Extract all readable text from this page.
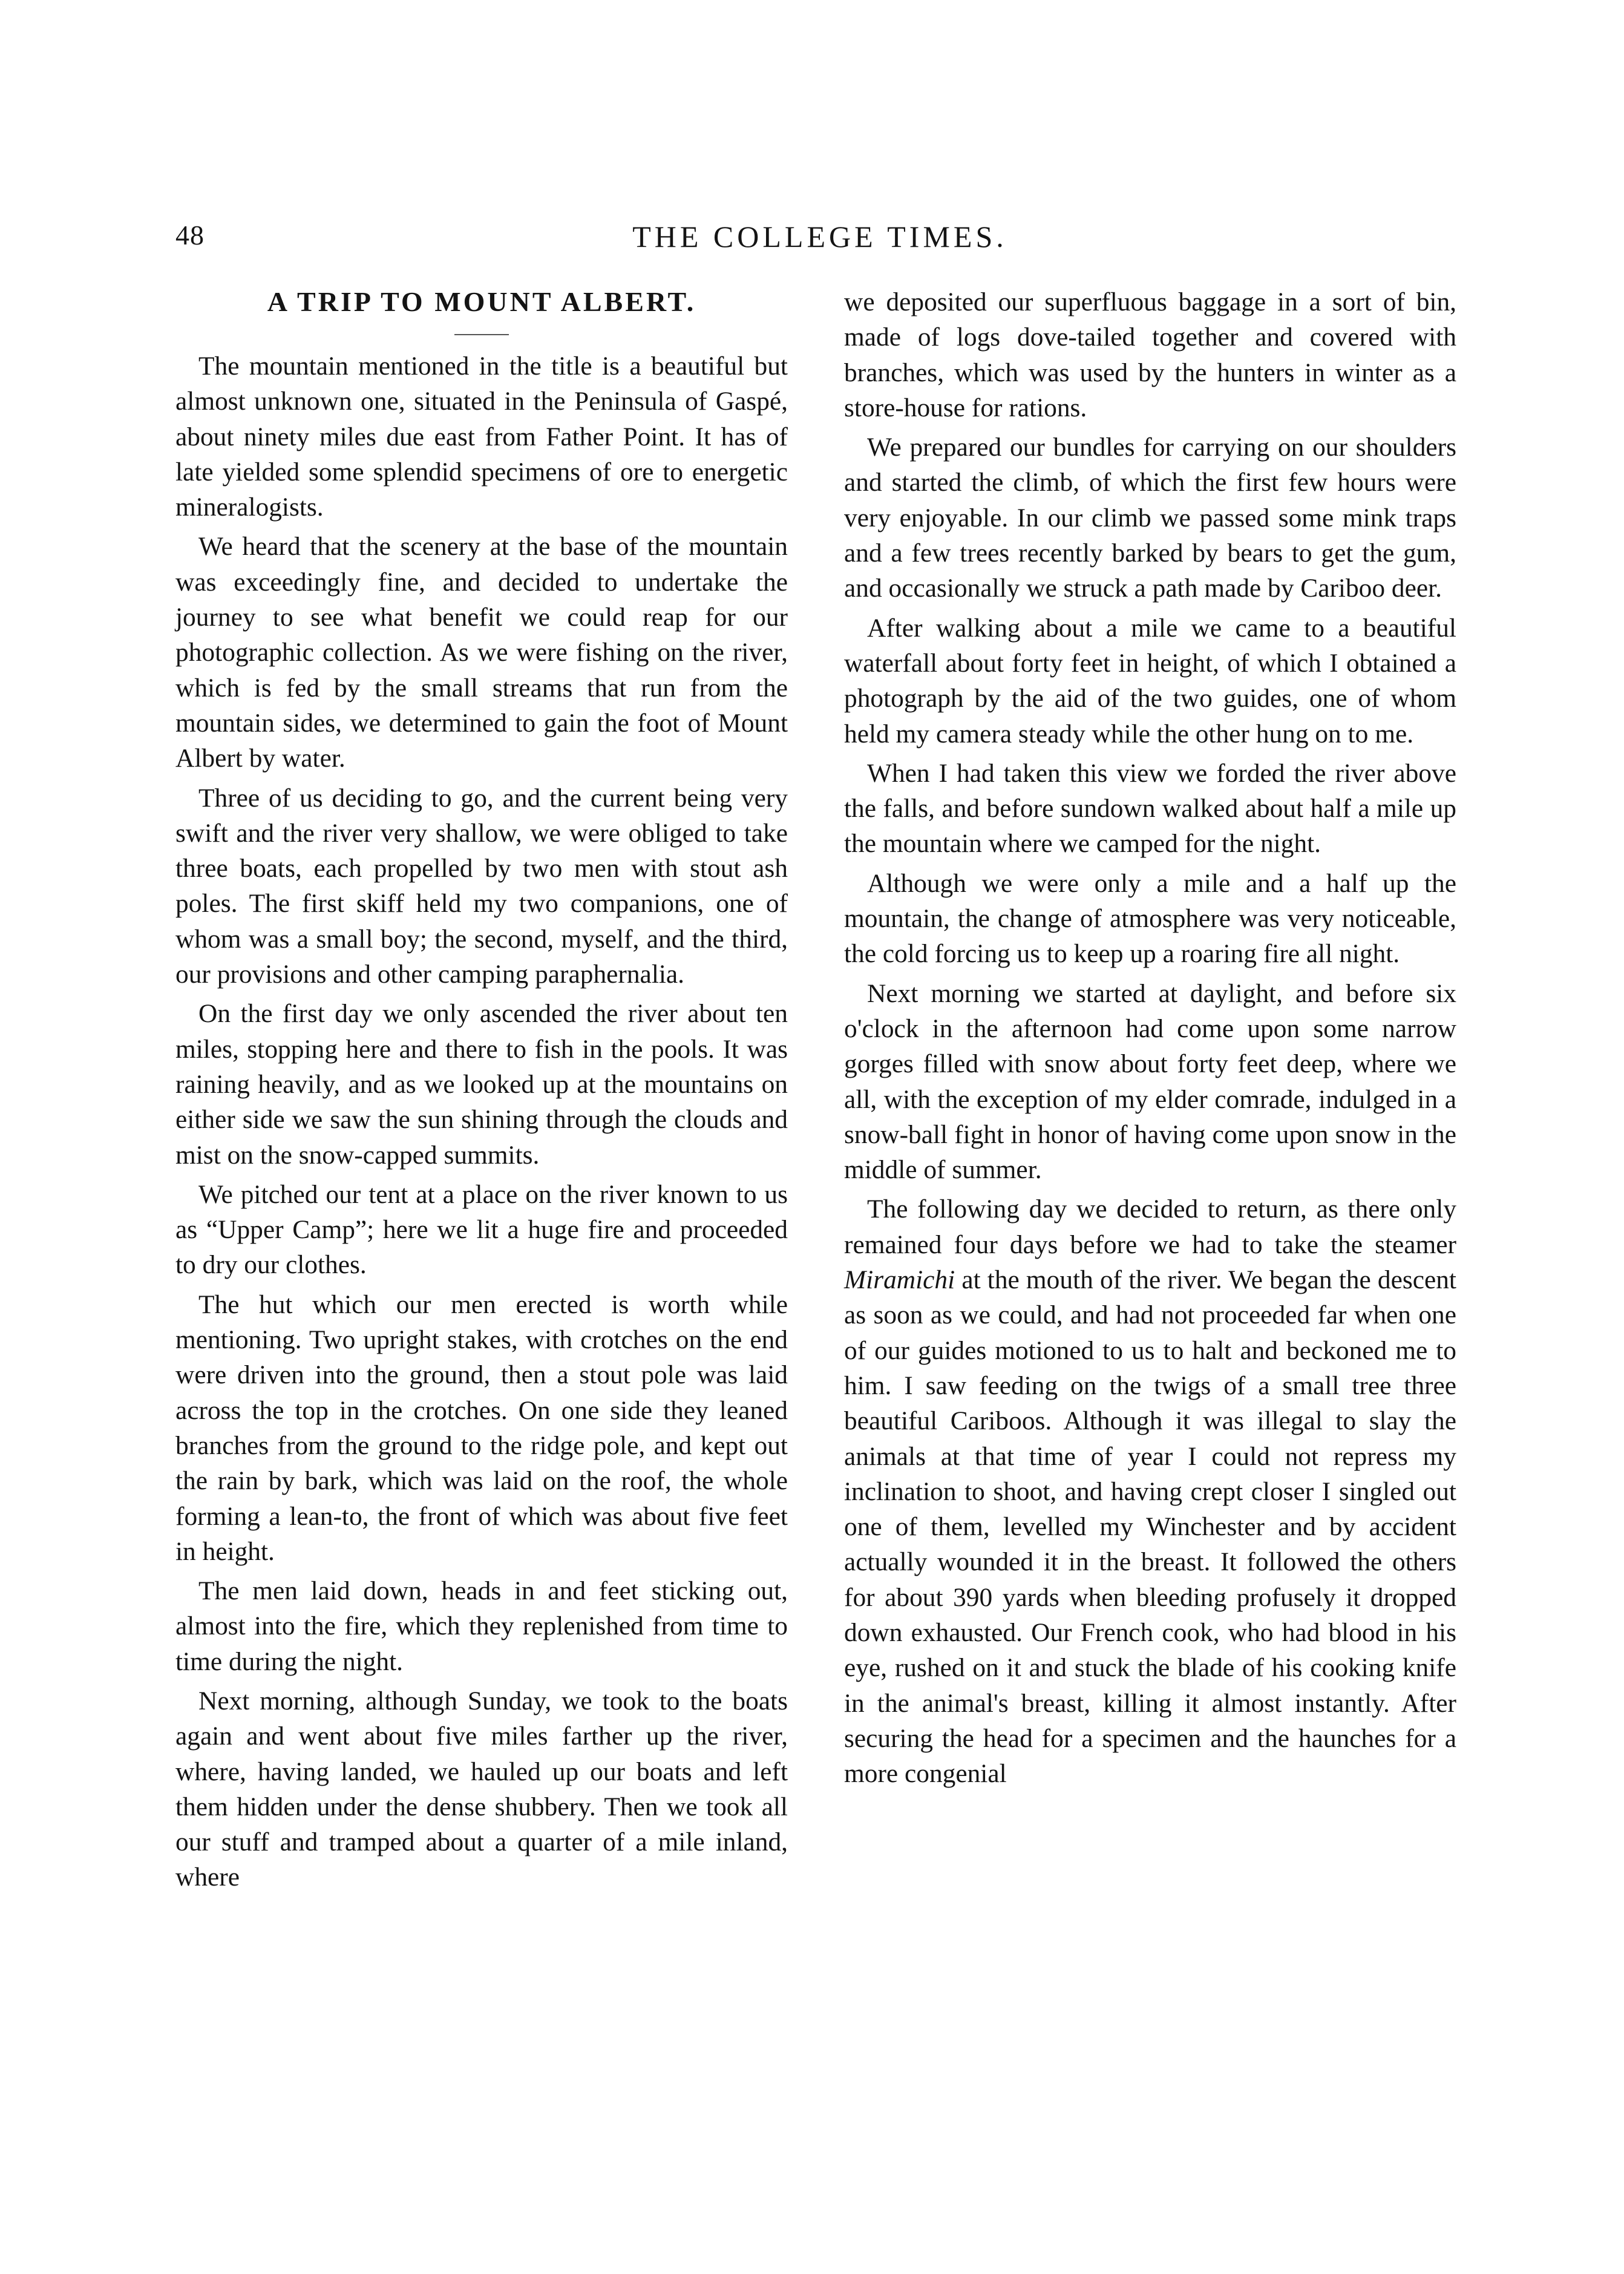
48	THE COLLEGE TIMES.
A TRIP TO MOUNT ALBERT.

The mountain mentioned in the title is a beautiful but almost unknown one, situated in the Peninsula of Gaspé, about ninety miles due east from Father Point. It has of late yielded some splendid specimens of ore to energetic mineralogists.

We heard that the scenery at the base of the mountain was exceedingly fine, and decided to undertake the journey to see what benefit we could reap for our photographic collection. As we were fishing on the river, which is fed by the small streams that run from the mountain sides, we determined to gain the foot of Mount Albert by water.

Three of us deciding to go, and the current being very swift and the river very shallow, we were obliged to take three boats, each propelled by two men with stout ash poles. The first skiff held my two companions, one of whom was a small boy; the second, myself, and the third, our provisions and other camping paraphernalia.

On the first day we only ascended the river about ten miles, stopping here and there to fish in the pools. It was raining heavily, and as we looked up at the mountains on either side we saw the sun shining through the clouds and mist on the snow-capped summits.

We pitched our tent at a place on the river known to us as “Upper Camp”; here we lit a huge fire and proceeded to dry our clothes.

The hut which our men erected is worth while mentioning. Two upright stakes, with crotches on the end were driven into the ground, then a stout pole was laid across the top in the crotches. On one side they leaned branches from the ground to the ridge pole, and kept out the rain by bark, which was laid on the roof, the whole forming a lean-to, the front of which was about five feet in height.

The men laid down, heads in and feet sticking out, almost into the fire, which they replenished from time to time during the night.

Next morning, although Sunday, we took to the boats again and went about five miles farther up the river, where, having landed, we hauled up our boats and left them hidden under the dense shubbery. Then we took all our stuff and tramped about a quarter of a mile inland, where

we deposited our superfluous baggage in a sort of bin, made of logs dove-tailed together and covered with branches, which was used by the hunters in winter as a store-house for rations.

We prepared our bundles for carrying on our shoulders and started the climb, of which the first few hours were very enjoyable. In our climb we passed some mink traps and a few trees recently barked by bears to get the gum, and occasionally we struck a path made by Cariboo deer.

After walking about a mile we came to a beautiful waterfall about forty feet in height, of which I obtained a photograph by the aid of the two guides, one of whom held my camera steady while the other hung on to me.

When I had taken this view we forded the river above the falls, and before sundown walked about half a mile up the mountain where we camped for the night.

Although we were only a mile and a half up the mountain, the change of atmosphere was very noticeable, the cold forcing us to keep up a roaring fire all night.

Next morning we started at daylight, and before six o'clock in the afternoon had come upon some narrow gorges filled with snow about forty feet deep, where we all, with the exception of my elder comrade, indulged in a snow-ball fight in honor of having come upon snow in the middle of summer.

The following day we decided to return, as there only remained four days before we had to take the steamer Miramichi at the mouth of the river. We began the descent as soon as we could, and had not proceeded far when one of our guides motioned to us to halt and beckoned me to him. I saw feeding on the twigs of a small tree three beautiful Cariboos. Although it was illegal to slay the animals at that time of year I could not repress my inclination to shoot, and having crept closer I singled out one of them, levelled my Winchester and by accident actually wounded it in the breast. It followed the others for about 390 yards when bleeding profusely it dropped down exhausted. Our French cook, who had blood in his eye, rushed on it and stuck the blade of his cooking knife in the animal's breast, killing it almost instantly. After securing the head for a specimen and the haunches for a more congenial
